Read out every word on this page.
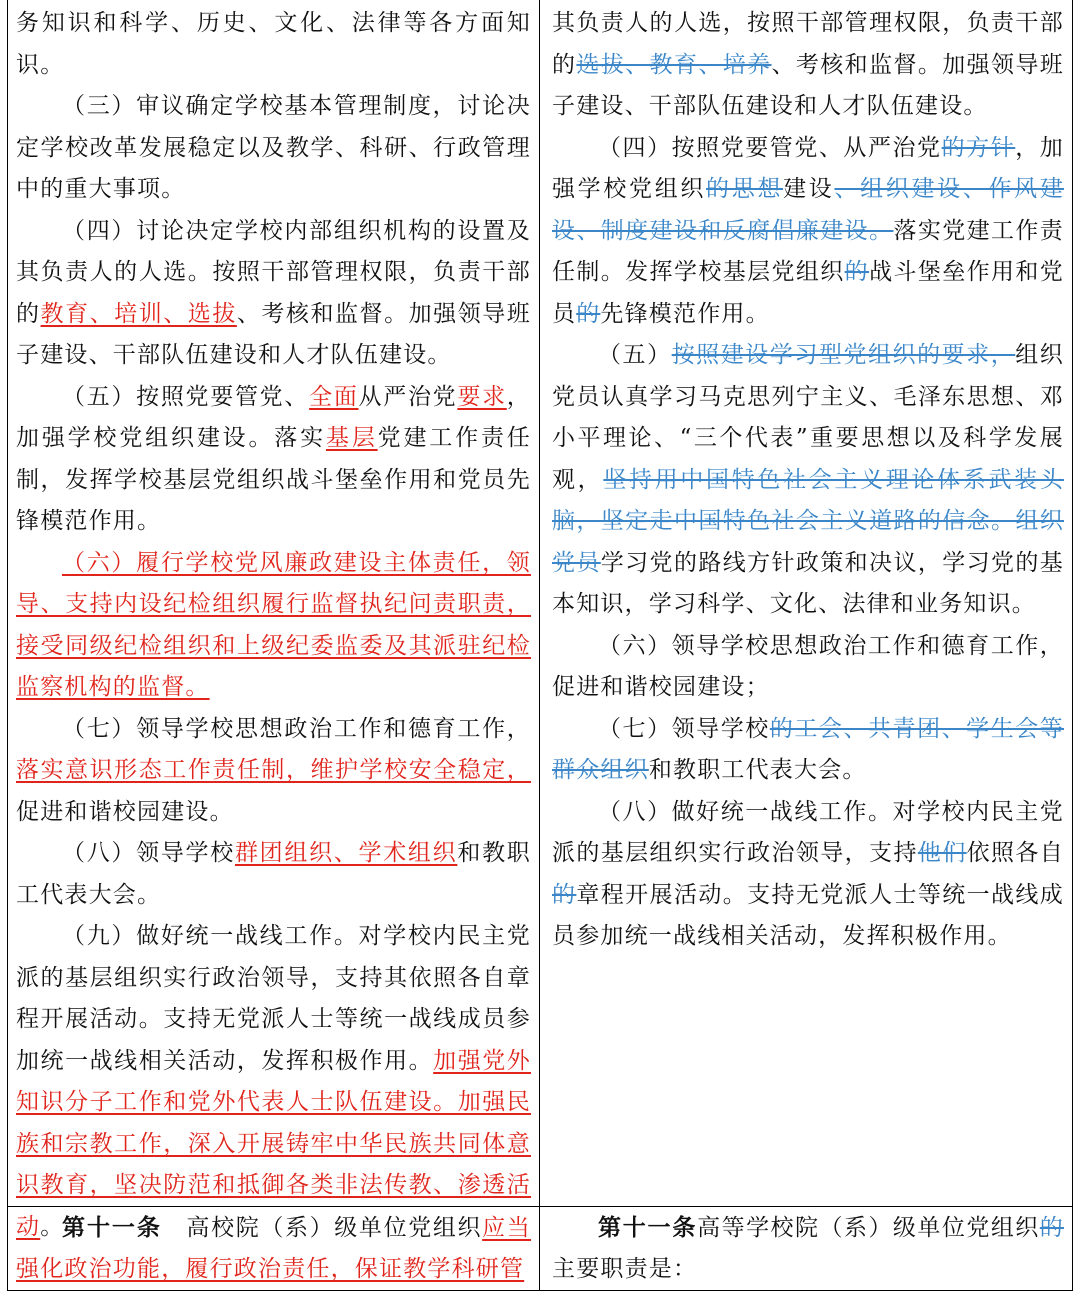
务知识和科学、历史、文化、法律等各方面知识。

（三）审议确定学校基本管理制度，讨论决定学校改革发展稳定以及教学、科研、行政管理中的重大事项。

（四）讨论决定学校内部组织机构的设置及其负责人的人选。按照干部管理权限，负责干部的教育、培训、选拔、考核和监督。加强领导班子建设、干部队伍建设和人才队伍建设。

（五）按照党要管党、全面从严治党要求，加强学校党组织建设。落实基层党建工作责任制，发挥学校基层党组织战斗堡垒作用和党员先锋模范作用。

（六）履行学校党风廉政建设主体责任，领导、支持内设纪检组织履行监督执纪问责职责，接受同级纪检组织和上级纪委监委及其派驻纪检监察机构的监督。

（七）领导学校思想政治工作和德育工作，落实意识形态工作责任制，维护学校安全稳定，促进和谐校园建设。

（八）领导学校群团组织、学术组织和教职工代表大会。

（九）做好统一战线工作。对学校内民主党派的基层组织实行政治领导，支持其依照各自章程开展活动。支持无党派人士等统一战线成员参加统一战线相关活动，发挥积极作用。加强党外知识分子工作和党外代表人士队伍建设。加强民族和宗教工作，深入开展铸牢中华民族共同体意识教育，坚决防范和抵御各类非法传教、渗透活动。

其负责人的人选，按照干部管理权限，负责干部的选拔、教育、培养、考核和监督。加强领导班子建设、干部队伍建设和人才队伍建设。

（四）按照党要管党、从严治党的方针，加强学校党组织的思想建设、组织建设、作风建设、制度建设和反腐倡廉建设。落实党建工作责任制。发挥学校基层党组织的战斗堡垒作用和党员的先锋模范作用。

（五）按照建设学习型党组织的要求，组织党员认真学习马克思列宁主义、毛泽东思想、邓小平理论、“三个代表”重要思想以及科学发展观，坚持用中国特色社会主义理论体系武装头脑，坚定走中国特色社会主义道路的信念。组织党员学习党的路线方针政策和决议，学习党的基本知识，学习科学、文化、法律和业务知识。

（六）领导学校思想政治工作和德育工作，促进和谐校园建设；

（七）领导学校的工会、共青团、学生会等群众组织和教职工代表大会。

（八）做好统一战线工作。对学校内民主党派的基层组织实行政治领导，支持他们依照各自的章程开展活动。支持无党派人士等统一战线成员参加统一战线相关活动，发挥积极作用。

第十一条　高校院（系）级单位党组织应当强化政治功能，履行政治责任，保证教学科研管

第十一条高等学校院（系）级单位党组织的主要职责是：
